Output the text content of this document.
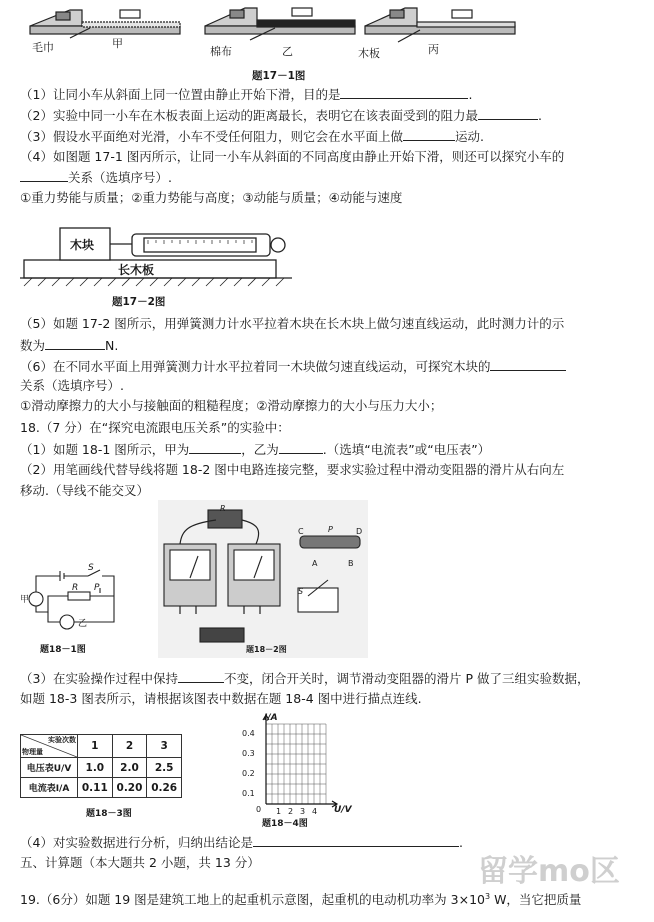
毛巾	甲
棉布	乙	木板	丙
题17－1图
（1）让同小车从斜面上同一位置由静止开始下滑，目的是	.
（2）实验中同一小车在木板表面上运动的距离最长，表明它在该表面受到的阻力最	.
（3）假设水平面绝对光滑，小车不受任何阻力，则它会在水平面上做	运动.
（4）如图题 17-1 图丙所示，让同一小车从斜面的不同高度由静止开始下滑，则还可以探究小车的
关系（选填序号）.
①重力势能与质量；②重力势能与高度；③动能与质量；④动能与速度
木块
长木板
题17－2图
（5）如题 17-2 图所示，用弹簧测力计水平拉着木块在长木块上做匀速直线运动，此时测力计的示
数为	N.
（6）在不同水平面上用弹簧测力计水平拉着同一木块做匀速直线运动，可探究木块的
关系（选填序号）.
①滑动摩擦力的大小与接触面的粗糙程度；②滑动摩擦力的大小与压力大小；
18.（7 分）在“探究电流跟电压关系”的实验中：
（1）如题 18-1 图所示，甲为	，乙为	.（选填“电流表”或“电压表”）
（2）用笔画线代替导线将题 18-2 图中电路连接完整，要求实验过程中滑动变阻器的滑片从右向左
移动.（导线不能交叉）
甲
乙
R P
S
题18－1图
R
C	P	D
A	B
S
题18－2图
（3）在实验操作过程中保持	不变，闭合开关时，调节滑动变阻器的滑片 P 做了三组实验数据，
如题 18-3 图表所示，请根据该图表中数据在题 18-4 图中进行描点连线.
实验次数
物理量	1	2	3
电压表U/V	1.0	2.0	2.5
电流表I/A	0.11	0.20	0.26
题18－3图
I/A
U/V
0.4
0.3
0.2
0.1
0 1 2 3 4
题18－4图
（4）对实验数据进行分析，归纳出结论是	.
五、计算题（本大题共 2 小题，共 13 分）
19.（6分）如题 19 图是建筑工地上的起重机示意图，起重机的电动机功率为 $3\times 10^3$ W，当它把质量
留学mo区
